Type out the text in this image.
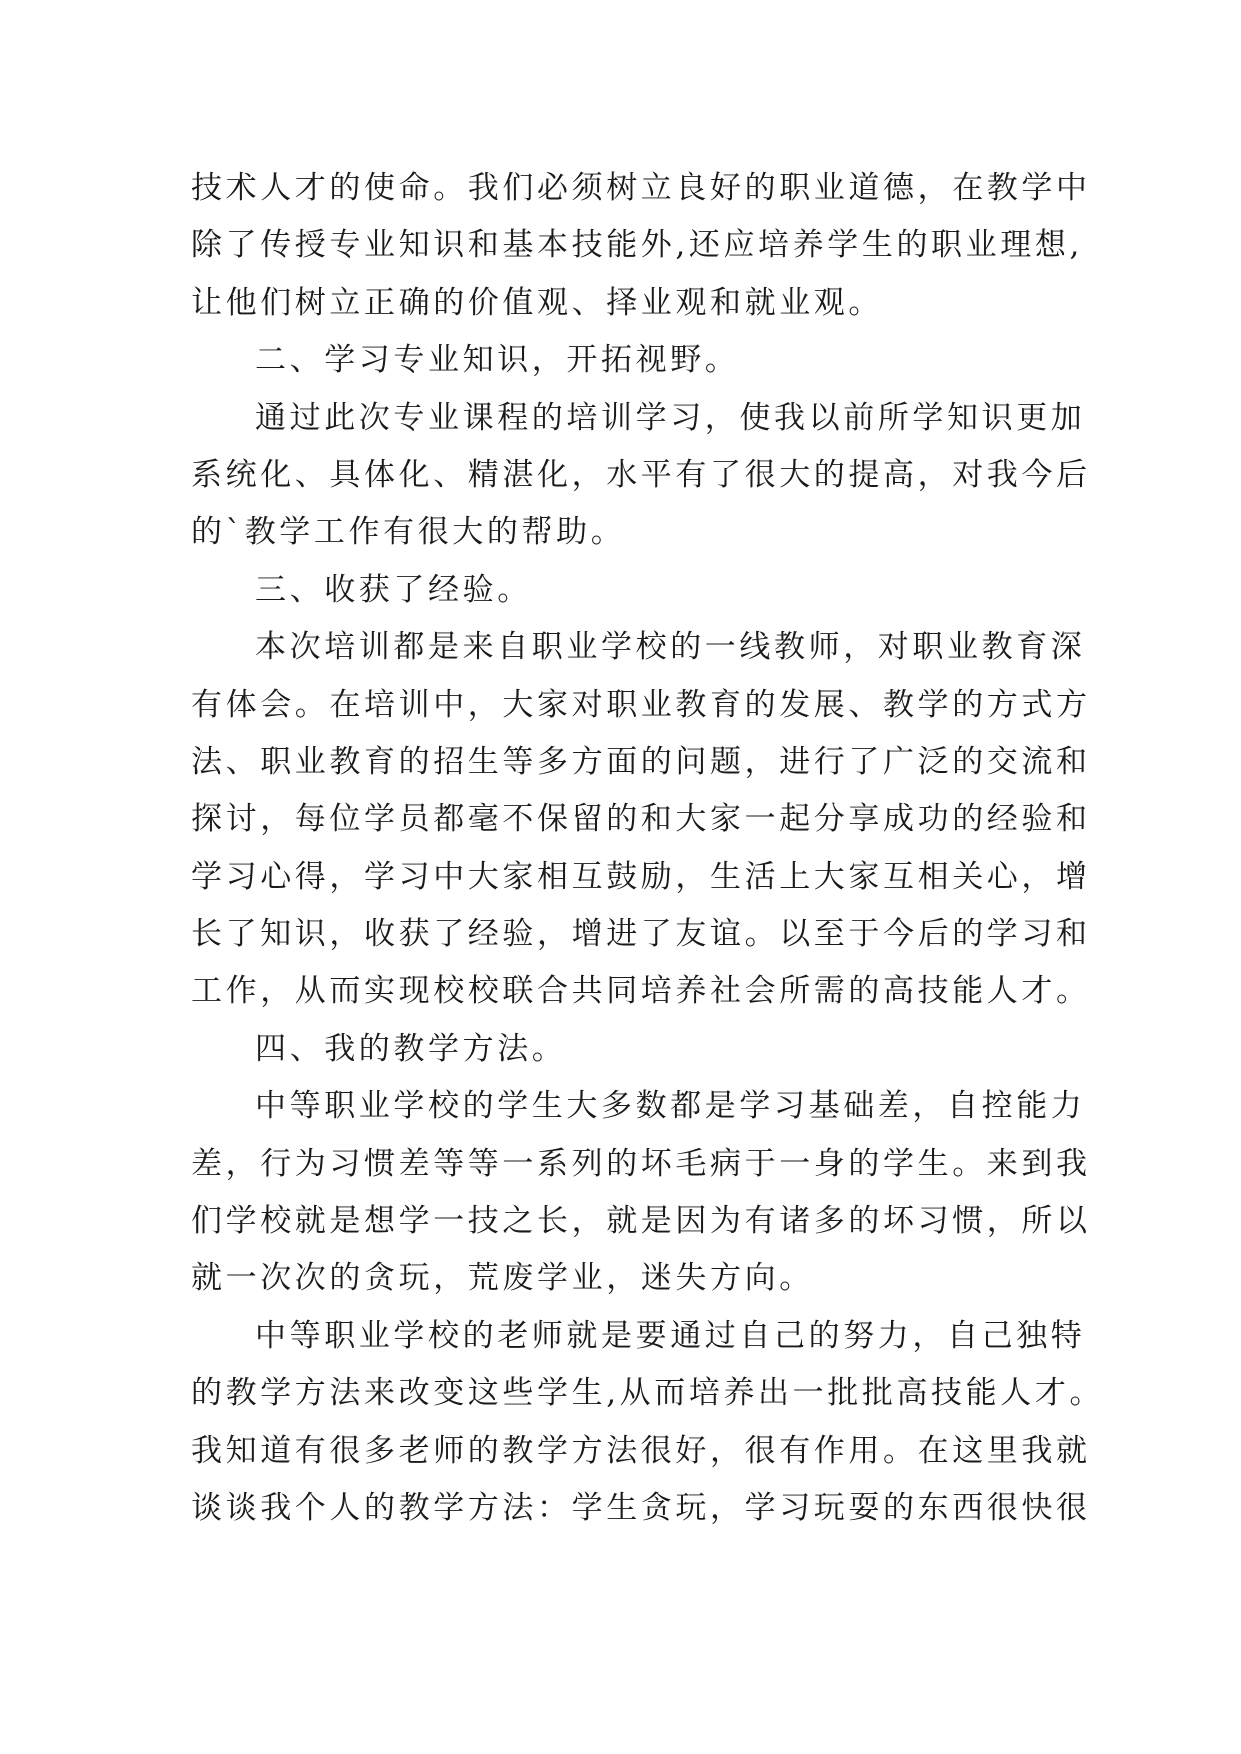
技术人才的使命。我们必须树立良好的职业道德，在教学中
除了传授专业知识和基本技能外,还应培养学生的职业理想,
让他们树立正确的价值观、择业观和就业观。
二、学习专业知识，开拓视野。
通过此次专业课程的培训学习，使我以前所学知识更加
系统化、具体化、精湛化，水平有了很大的提高，对我今后
的`教学工作有很大的帮助。
三、收获了经验。
本次培训都是来自职业学校的一线教师，对职业教育深
有体会。在培训中，大家对职业教育的发展、教学的方式方
法、职业教育的招生等多方面的问题，进行了广泛的交流和
探讨，每位学员都毫不保留的和大家一起分享成功的经验和
学习心得，学习中大家相互鼓励，生活上大家互相关心，增
长了知识，收获了经验，增进了友谊。以至于今后的学习和
工作，从而实现校校联合共同培养社会所需的高技能人才。
四、我的教学方法。
中等职业学校的学生大多数都是学习基础差，自控能力
差，行为习惯差等等一系列的坏毛病于一身的学生。来到我
们学校就是想学一技之长，就是因为有诸多的坏习惯，所以
就一次次的贪玩，荒废学业，迷失方向。
中等职业学校的老师就是要通过自己的努力，自己独特
的教学方法来改变这些学生,从而培养出一批批高技能人才。
我知道有很多老师的教学方法很好，很有作用。在这里我就
谈谈我个人的教学方法：学生贪玩，学习玩耍的东西很快很
